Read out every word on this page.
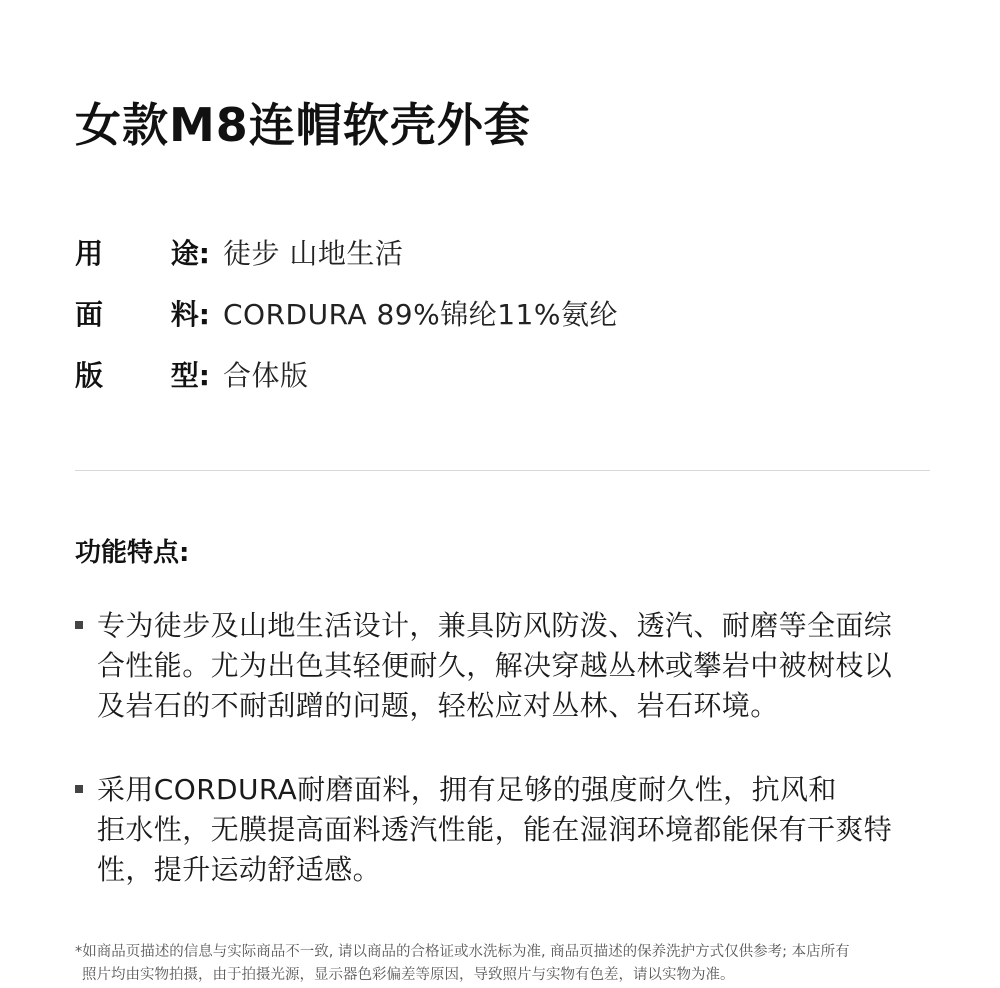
女款M8连帽软壳外套
用 途: 徒步 山地生活
面 料: CORDURA 89%锦纶11%氨纶
版 型: 合体版
功能特点:
专为徒步及山地生活设计，兼具防风防泼、透汽、耐磨等全面综
合性能。尤为出色其轻便耐久，解决穿越丛林或攀岩中被树枝以
及岩石的不耐刮蹭的问题，轻松应对丛林、岩石环境。
采用CORDURA耐磨面料，拥有足够的强度耐久性，抗风和
拒水性，无膜提高面料透汽性能，能在湿润环境都能保有干爽特
性，提升运动舒适感。
*如商品页描述的信息与实际商品不一致, 请以商品的合格证或水洗标为准, 商品页描述的保养洗护方式仅供参考; 本店所有
照片均由实物拍摄，由于拍摄光源，显示器色彩偏差等原因，导致照片与实物有色差，请以实物为准。
